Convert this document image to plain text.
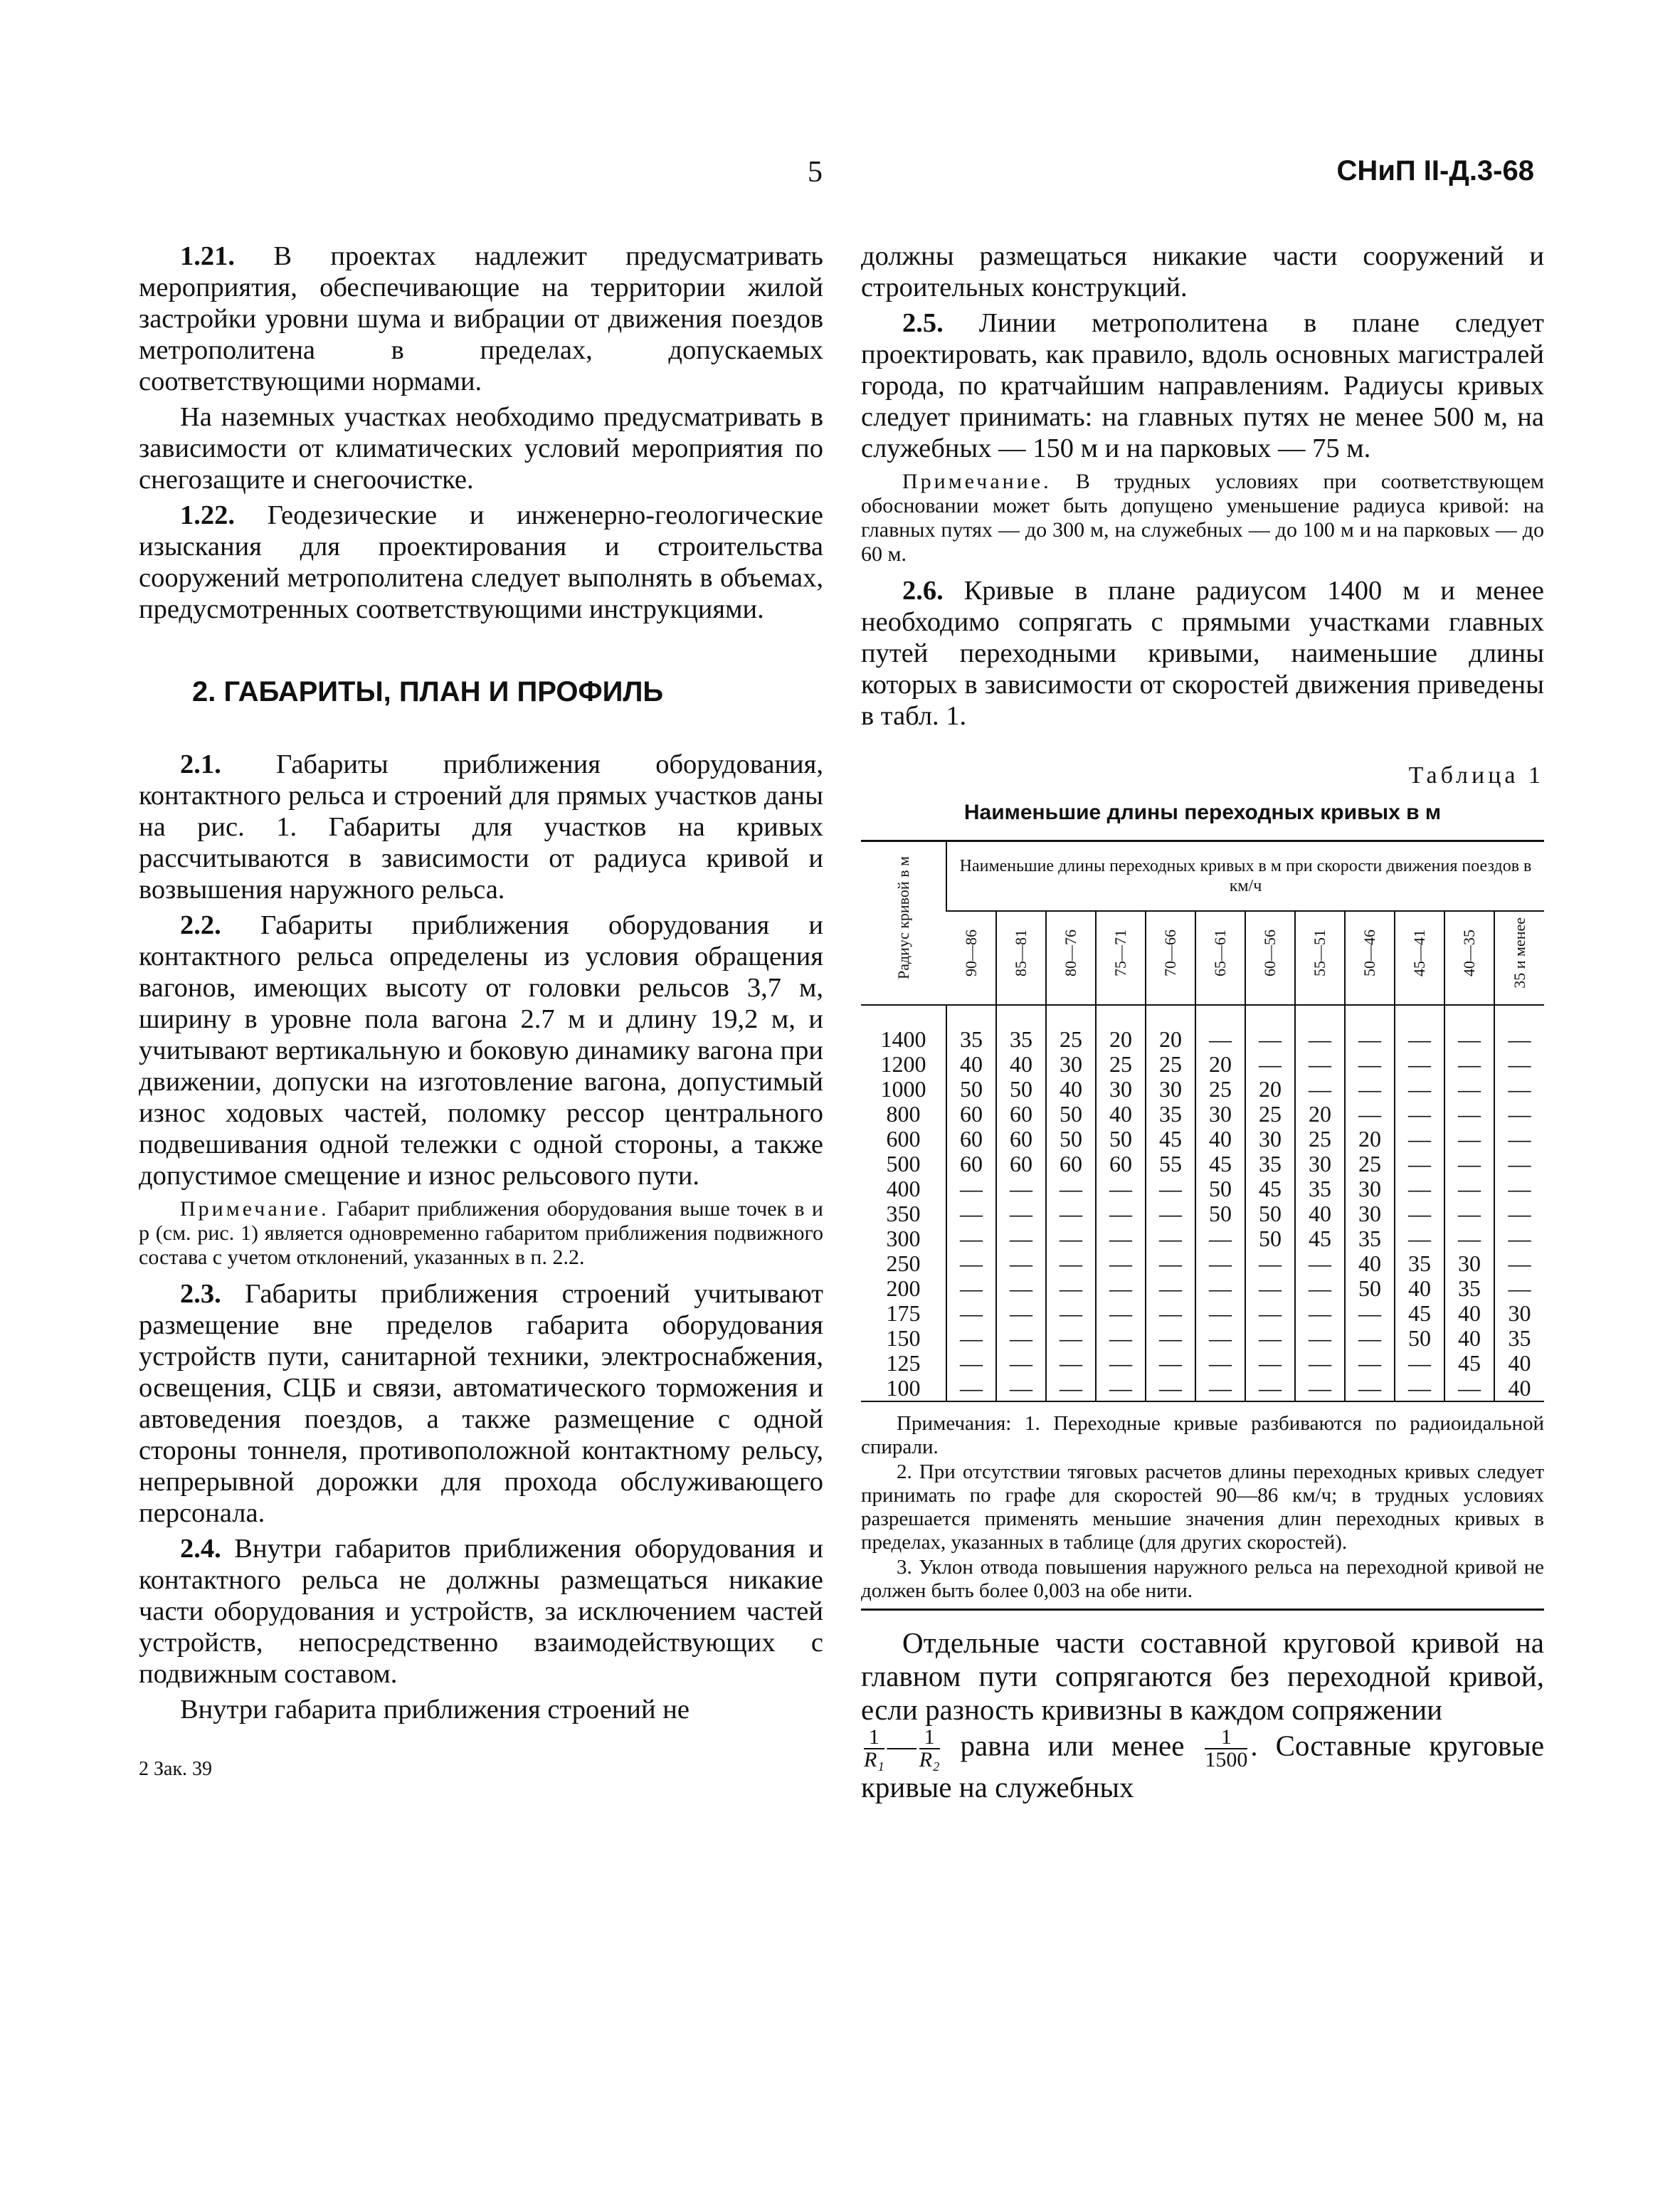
5	СНиП II-Д.3-68

1.21. В проектах надлежит предусматривать мероприятия, обеспечивающие на территории жилой застройки уровни шума и вибрации от движения поездов метрополитена в пределах, допускаемых соответствующими нормами.

На наземных участках необходимо предусматривать в зависимости от климатических условий мероприятия по снегозащите и снегоочистке.

1.22. Геодезические и инженерно-геологические изыскания для проектирования и строительства сооружений метрополитена следует выполнять в объемах, предусмотренных соответствующими инструкциями.

2. ГАБАРИТЫ, ПЛАН И ПРОФИЛЬ

2.1. Габариты приближения оборудования, контактного рельса и строений для прямых участков даны на рис. 1. Габариты для участков на кривых рассчитываются в зависимости от радиуса кривой и возвышения наружного рельса.

2.2. Габариты приближения оборудования и контактного рельса определены из условия обращения вагонов, имеющих высоту от головки рельсов 3,7 м, ширину в уровне пола вагона 2.7 м и длину 19,2 м, и учитывают вертикальную и боковую динамику вагона при движении, допуски на изготовление вагона, допустимый износ ходовых частей, поломку рессор центрального подвешивания одной тележки с одной стороны, а также допустимое смещение и износ рельсового пути.

Примечание. Габарит приближения оборудования выше точек в и р (см. рис. 1) является одновременно габаритом приближения подвижного состава с учетом отклонений, указанных в п. 2.2.

2.3. Габариты приближения строений учитывают размещение вне пределов габарита оборудования устройств пути, санитарной техники, электроснабжения, освещения, СЦБ и связи, автоматического торможения и автоведения поездов, а также размещение с одной стороны тоннеля, противоположной контактному рельсу, непрерывной дорожки для прохода обслуживающего персонала.

2.4. Внутри габаритов приближения оборудования и контактного рельса не должны размещаться никакие части оборудования и устройств, за исключением частей устройств, непосредственно взаимодействующих с подвижным составом.

Внутри габарита приближения строений не

2 Зак. 39

должны размещаться никакие части сооружений и строительных конструкций.

2.5. Линии метрополитена в плане следует проектировать, как правило, вдоль основных магистралей города, по кратчайшим направлениям. Радиусы кривых следует принимать: на главных путях не менее 500 м, на служебных — 150 м и на парковых — 75 м.

Примечание. В трудных условиях при соответствующем обосновании может быть допущено уменьшение радиуса кривой: на главных путях — до 300 м, на служебных — до 100 м и на парковых — до 60 м.

2.6. Кривые в плане радиусом 1400 м и менее необходимо сопрягать с прямыми участками главных путей переходными кривыми, наименьшие длины которых в зависимости от скоростей движения приведены в табл. 1.

Таблица 1
Наименьшие длины переходных кривых в м
Радиус кривой в м	Наименьшие длины переходных кривых в м при скорости движения поездов в км/ч											
	90—86	85—81	80—76	75—71	70—66	65—61	60—56	55—51	50—46	45—41	40—35	35 и менее
1400	35	35	25	20	20	—	—	—	—	—	—	—
1200	40	40	30	25	25	20	—	—	—	—	—	—
1000	50	50	40	30	30	25	20	—	—	—	—	—
800	60	60	50	40	35	30	25	20	—	—	—	—
600	60	60	50	50	45	40	30	25	20	—	—	—
500	60	60	60	60	55	45	35	30	25	—	—	—
400	—	—	—	—	—	50	45	35	30	—	—	—
350	—	—	—	—	—	50	50	40	30	—	—	—
300	—	—	—	—	—	—	50	45	35	—	—	—
250	—	—	—	—	—	—	—	—	40	35	30	—
200	—	—	—	—	—	—	—	—	50	40	35	—
175	—	—	—	—	—	—	—	—	—	45	40	30
150	—	—	—	—	—	—	—	—	—	50	40	35
125	—	—	—	—	—	—	—	—	—	—	45	40
100	—	—	—	—	—	—	—	—	—	—	—	40
Примечания: 1. Переходные кривые разбиваются по радиоидальной спирали.
2. При отсутствии тяговых расчетов длины переходных кривых следует принимать по графе для скоростей 90—86 км/ч; в трудных условиях разрешается применять меньшие значения длин переходных кривых в пределах, указанных в таблице (для других скоростей).
3. Уклон отвода повышения наружного рельса на переходной кривой не должен быть более 0,003 на обе нити.
Отдельные части составной круговой кривой на главном пути сопрягаются без переходной кривой, если разность кривизны в каждом сопряжении
$\frac{1}{\text{R₁}}$ — $\frac{1}{\text{R₂}}$ равна или менее $\frac{1}{1500}$ . Составные круговые кривые на служебных
